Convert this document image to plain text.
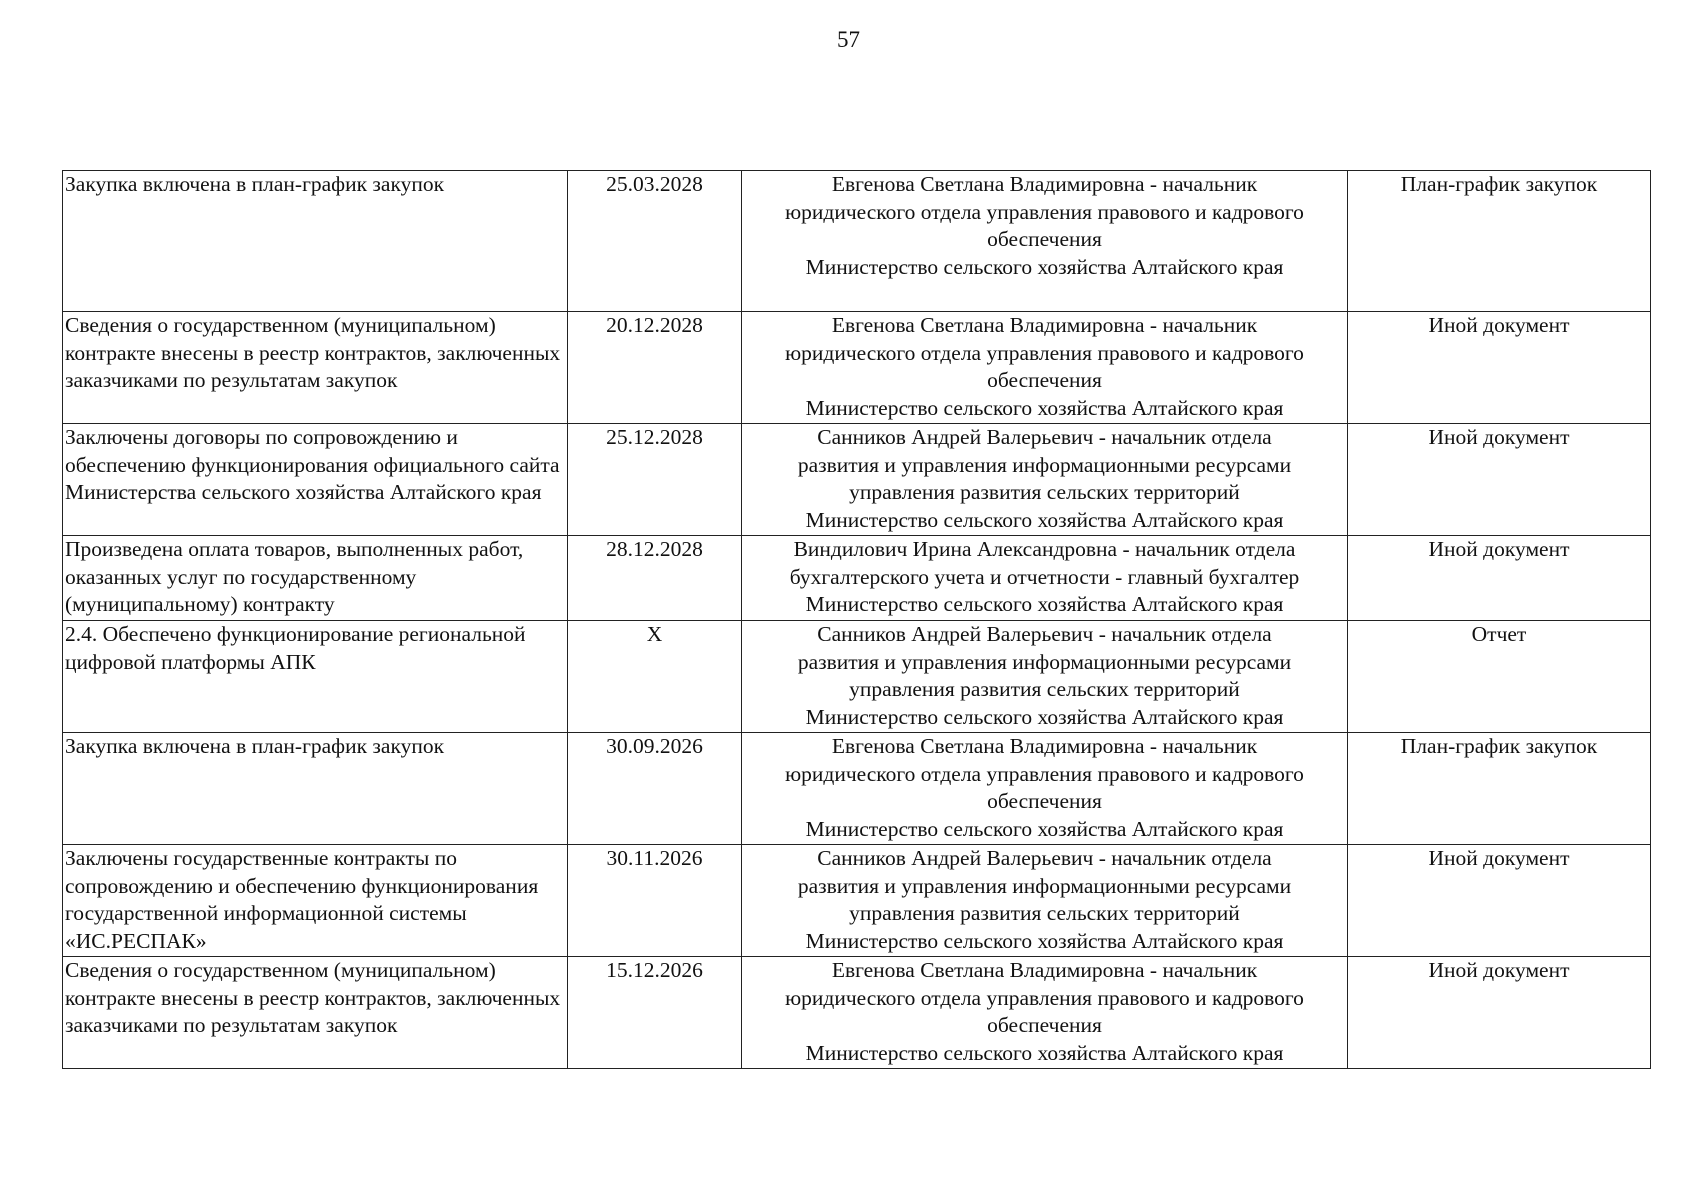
57
Закупка включена в план-график закупок	25.03.2028	Евгенова Светлана Владимировна - начальник
юридического отдела управления правового и кадрового
обеспечения
Министерство сельского хозяйства Алтайского края	План-график закупок
Сведения о государственном (муниципальном) контракте внесены в реестр контрактов, заключенных заказчиками по результатам закупок	20.12.2028	Евгенова Светлана Владимировна - начальник
юридического отдела управления правового и кадрового
обеспечения
Министерство сельского хозяйства Алтайского края	Иной документ
Заключены договоры по сопровождению и обеспечению функционирования официального сайта Министерства сельского хозяйства Алтайского края	25.12.2028	Санников Андрей Валерьевич - начальник отдела
развития и управления информационными ресурсами
управления развития сельских территорий
Министерство сельского хозяйства Алтайского края	Иной документ
Произведена оплата товаров, выполненных работ, оказанных услуг по государственному (муниципальному) контракту	28.12.2028	Виндилович Ирина Александровна - начальник отдела
бухгалтерского учета и отчетности - главный бухгалтер
Министерство сельского хозяйства Алтайского края	Иной документ
2.4. Обеспечено функционирование региональной цифровой платформы АПК	X	Санников Андрей Валерьевич - начальник отдела
развития и управления информационными ресурсами
управления развития сельских территорий
Министерство сельского хозяйства Алтайского края	Отчет
Закупка включена в план-график закупок	30.09.2026	Евгенова Светлана Владимировна - начальник
юридического отдела управления правового и кадрового
обеспечения
Министерство сельского хозяйства Алтайского края	План-график закупок
Заключены государственные контракты по сопровождению и обеспечению функционирования государственной информационной системы «ИС.РЕСПАК»	30.11.2026	Санников Андрей Валерьевич - начальник отдела
развития и управления информационными ресурсами
управления развития сельских территорий
Министерство сельского хозяйства Алтайского края	Иной документ
Сведения о государственном (муниципальном) контракте внесены в реестр контрактов, заключенных заказчиками по результатам закупок	15.12.2026	Евгенова Светлана Владимировна - начальник
юридического отдела управления правового и кадрового
обеспечения
Министерство сельского хозяйства Алтайского края	Иной документ
